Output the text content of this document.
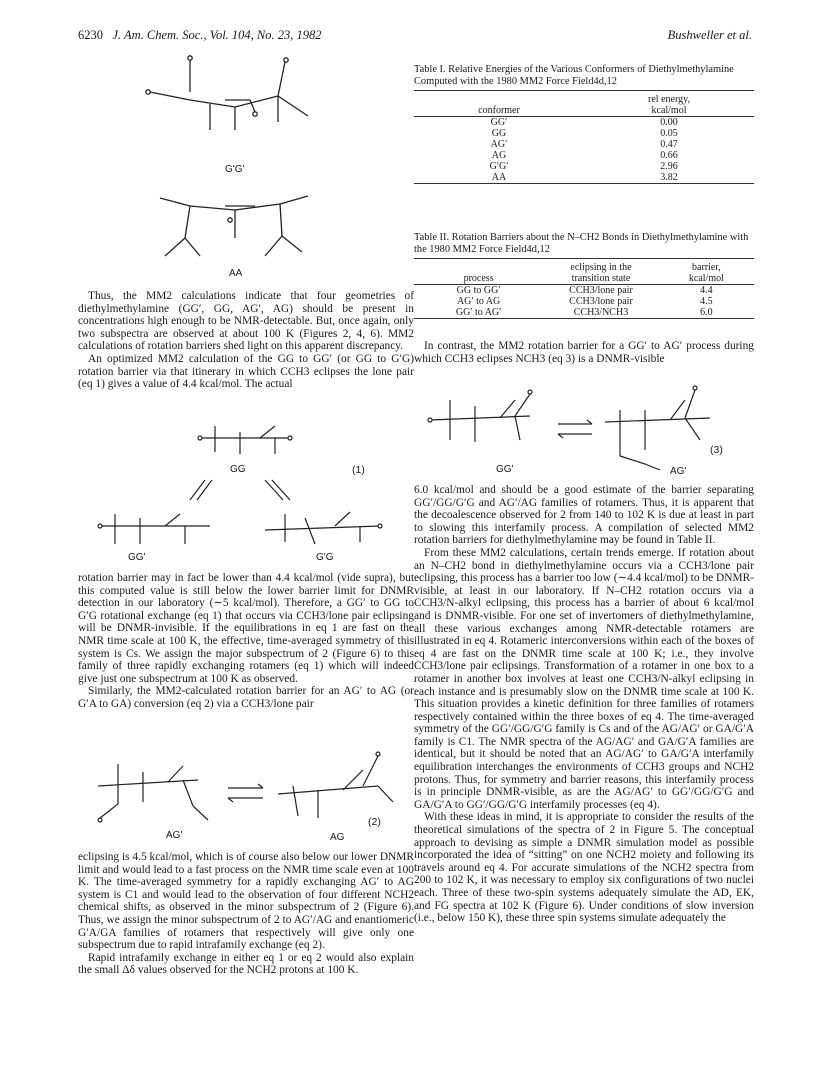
6230 J. Am. Chem. Soc., Vol. 104, No. 23, 1982	Bushweller et al.
G'G'
AA

Thus, the MM2 calculations indicate that four geometries of diethylmethylamine (GG′, GG, AG′, AG) should be present in concentrations high enough to be NMR-detectable. But, once again, only two subspectra are observed at about 100 K (Figures 2, 4, 6). MM2 calculations of rotation barriers shed light on this apparent discrepancy.

An optimized MM2 calculation of the GG to GG′ (or GG to G′G) rotation barrier via that itinerary in which CCH3 eclipses the lone pair (eq 1) gives a value of 4.4 kcal/mol. The actual

GG	(1)
GG'	G'G

rotation barrier may in fact be lower than 4.4 kcal/mol (vide supra), but this computed value is still below the lower barrier limit for DNMR detection in our laboratory (∼5 kcal/mol). Therefore, a GG′ to GG to G′G rotational exchange (eq 1) that occurs via CCH3/lone pair eclipsing will be DNMR-invisible. If the equilibrations in eq 1 are fast on the NMR time scale at 100 K, the effective, time-averaged symmetry of this system is Cs. We assign the major subspectrum of 2 (Figure 6) to this family of three rapidly exchanging rotamers (eq 1) which will indeed give just one subspectrum at 100 K as observed.

Similarly, the MM2-calculated rotation barrier for an AG′ to AG (or G′A to GA) conversion (eq 2) via a CCH3/lone pair

(2)
AG'	AG

eclipsing is 4.5 kcal/mol, which is of course also below our lower DNMR limit and would lead to a fast process on the NMR time scale even at 100 K. The time-averaged symmetry for a rapidly exchanging AG′ to AG system is C1 and would lead to the observation of four different NCH2 chemical shifts, as observed in the minor subspectrum of 2 (Figure 6). Thus, we assign the minor subspectrum of 2 to AG′/AG and enantiomeric G′A/GA families of rotamers that respectively will give only one subspectrum due to rapid intrafamily exchange (eq 2).

Rapid intrafamily exchange in either eq 1 or eq 2 would also explain the small Δδ values observed for the NCH2 protons at 100 K.

Table I. Relative Energies of the Various Conformers of Diethylmethylamine Computed with the 1980 MM2 Force Field4d,12

conformer	rel energy, kcal/mol

GG′	0.00
GG	0.05
AG′	0.47
AG	0.66
G′G′	2.96
AA	3.82

Table II. Rotation Barriers about the N–CH2 Bonds in Diethylmethylamine with the 1980 MM2 Force Field4d,12

process	eclipsing in the transition state	barrier, kcal/mol

GG to GG′	CCH3/lone pair	4.4
AG′ to AG	CCH3/lone pair	4.5
GG′ to AG′	CCH3/NCH3	6.0

In contrast, the MM2 rotation barrier for a GG′ to AG′ process during which CCH3 eclipses NCH3 (eq 3) is a DNMR-visible

(3)
GG'	AG'

6.0 kcal/mol and should be a good estimate of the barrier separating GG′/GG/G′G and AG′/AG families of rotamers. Thus, it is apparent that the decoalescence observed for 2 from 140 to 102 K is due at least in part to slowing this interfamily process. A compilation of selected MM2 rotation barriers for diethylmethylamine may be found in Table II.

From these MM2 calculations, certain trends emerge. If rotation about an N–CH2 bond in diethylmethylamine occurs via a CCH3/lone pair eclipsing, this process has a barrier too low (∼4.4 kcal/mol) to be DNMR-visible, at least in our laboratory. If N–CH2 rotation occurs via a CCH3/N-alkyl eclipsing, this process has a barrier of about 6 kcal/mol and is DNMR-visible. For one set of invertomers of diethylmethylamine, all these various exchanges among NMR-detectable rotamers are illustrated in eq 4. Rotameric interconversions within each of the boxes of eq 4 are fast on the DNMR time scale at 100 K; i.e., they involve CCH3/lone pair eclipsings. Transformation of a rotamer in one box to a rotamer in another box involves at least one CCH3/N-alkyl eclipsing in each instance and is presumably slow on the DNMR time scale at 100 K. This situation provides a kinetic definition for three families of rotamers respectively contained within the three boxes of eq 4. The time-averaged symmetry of the GG′/GG/G′G family is Cs and of the AG/AG′ or GA/G′A family is C1. The NMR spectra of the AG/AG′ and GA/G′A families are identical, but it should be noted that an AG/AG′ to GA/G′A interfamily equilibration interchanges the environments of CCH3 groups and NCH2 protons. Thus, for symmetry and barrier reasons, this interfamily process is in principle DNMR-visible, as are the AG/AG′ to GG′/GG/G′G and GA/G′A to GG′/GG/G′G interfamily processes (eq 4).

With these ideas in mind, it is appropriate to consider the results of the theoretical simulations of the spectra of 2 in Figure 5. The conceptual approach to devising as simple a DNMR simulation model as possible incorporated the idea of “sitting” on one NCH2 moiety and following its travels around eq 4. For accurate simulations of the NCH2 spectra from 200 to 102 K, it was necessary to employ six configurations of two nuclei each. Three of these two-spin systems adequately simulate the AD, EK, and FG spectra at 102 K (Figure 6). Under conditions of slow inversion (i.e., below 150 K), these three spin systems simulate adequately the
